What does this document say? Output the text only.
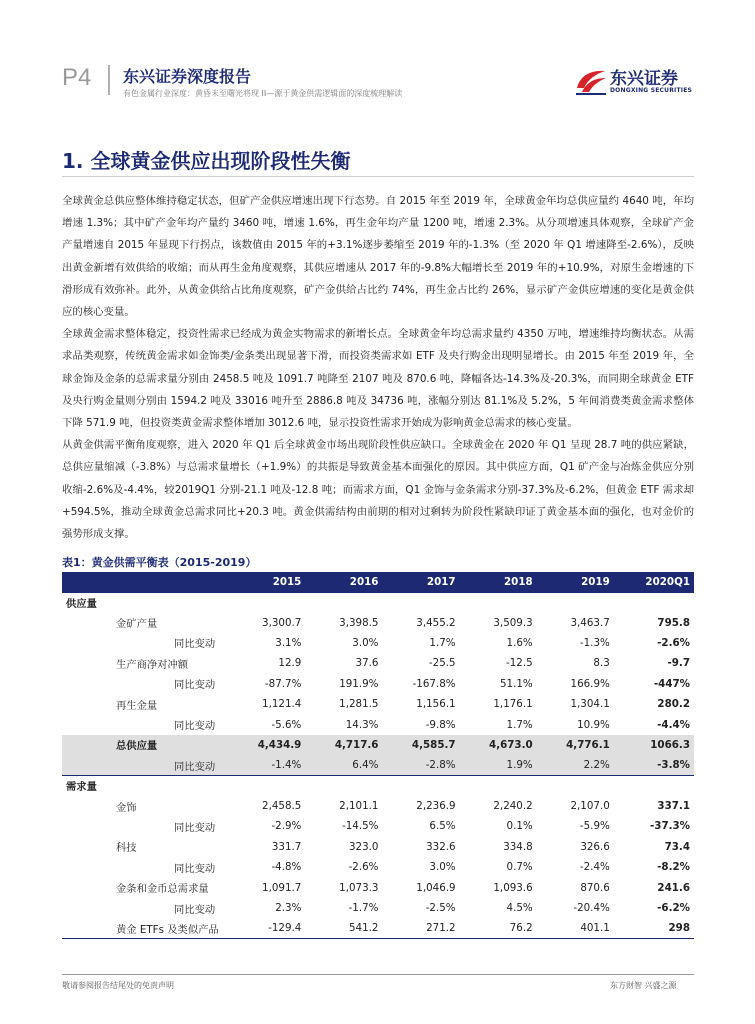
P4 东兴证券深度报告
有色金属行业深度：黄昏未至曙光将现 II—源于黄金供需逻辑面的深度梳理解读
东兴证券
DONGXING SECURITIES
1. 全球黄金供应出现阶段性失衡

全球黄金总供应整体维持稳定状态，但矿产金供应增速出现下行态势。自 2015 年至 2019 年，全球黄金年均总供应量约 4640 吨，年均增速 1.3%；其中矿产金年均产量约 3460 吨，增速 1.6%，再生金年均产量 1200 吨，增速 2.3%。从分项增速具体观察，全球矿产金产量增速自 2015 年显现下行拐点，该数值由 2015 年的+3.1%逐步萎缩至 2019 年的-1.3%（至 2020 年 Q1 增速降至-2.6%），反映出黄金新增有效供给的收缩；而从再生金角度观察，其供应增速从 2017 年的-9.8%大幅增长至 2019 年的+10.9%，对原生金增速的下滑形成有效弥补。此外，从黄金供给占比角度观察，矿产金供给占比约 74%，再生金占比约 26%，显示矿产金供应增速的变化是黄金供应的核心变量。

全球黄金需求整体稳定，投资性需求已经成为黄金实物需求的新增长点。全球黄金年均总需求量约 4350 万吨，增速维持均衡状态。从需求品类观察，传统黄金需求如金饰类/金条类出现显著下滑，而投资类需求如 ETF 及央行购金出现明显增长。由 2015 年至 2019 年，全球金饰及金条的总需求量分别由 2458.5 吨及 1091.7 吨降至 2107 吨及 870.6 吨，降幅各达-14.3%及-20.3%，而同期全球黄金 ETF 及央行购金量则分别由 1594.2 吨及 33016 吨升至 2886.8 吨及 34736 吨，涨幅分别达 81.1%及 5.2%，5 年间消费类黄金需求整体下降 571.9 吨，但投资类黄金需求整体增加 3012.6 吨，显示投资性需求开始成为影响黄金总需求的核心变量。

从黄金供需平衡角度观察，进入 2020 年 Q1 后全球黄金市场出现阶段性供应缺口。全球黄金在 2020 年 Q1 呈现 28.7 吨的供应紧缺，总供应量缩减（-3.8%）与总需求量增长（+1.9%）的共振是导致黄金基本面强化的原因。其中供应方面，Q1 矿产金与冶炼金供应分别收缩-2.6%及-4.4%，较2019Q1 分别-21.1 吨及-12.8 吨；而需求方面，Q1 金饰与金条需求分别-37.3%及-6.2%，但黄金 ETF 需求却+594.5%，推动全球黄金总需求同比+20.3 吨。黄金供需结构由前期的相对过剩转为阶段性紧缺印证了黄金基本面的强化，也对金价的强势形成支撑。

表1：黄金供需平衡表（2015-2019）
	2015	2016	2017	2018	2019	2020Q1
供应量						
金矿产量	3,300.7	3,398.5	3,455.2	3,509.3	3,463.7	795.8
同比变动	3.1%	3.0%	1.7%	1.6%	-1.3%	-2.6%
生产商净对冲额	12.9	37.6	-25.5	-12.5	8.3	-9.7
同比变动	-87.7%	191.9%	-167.8%	51.1%	166.9%	-447%
再生金量	1,121.4	1,281.5	1,156.1	1,176.1	1,304.1	280.2
同比变动	-5.6%	14.3%	-9.8%	1.7%	10.9%	-4.4%
总供应量	4,434.9	4,717.6	4,585.7	4,673.0	4,776.1	1066.3
同比变动	-1.4%	6.4%	-2.8%	1.9%	2.2%	-3.8%
需求量						
金饰	2,458.5	2,101.1	2,236.9	2,240.2	2,107.0	337.1
同比变动	-2.9%	-14.5%	6.5%	0.1%	-5.9%	-37.3%
科技	331.7	323.0	332.6	334.8	326.6	73.4
同比变动	-4.8%	-2.6%	3.0%	0.7%	-2.4%	-8.2%
金条和金币总需求量	1,091.7	1,073.3	1,046.9	1,093.6	870.6	241.6
同比变动	2.3%	-1.7%	-2.5%	4.5%	-20.4%	-6.2%
黄金 ETFs 及类似产品	-129.4	541.2	271.2	76.2	401.1	298
敬请参阅报告结尾处的免责声明	东方财智 兴盛之源
